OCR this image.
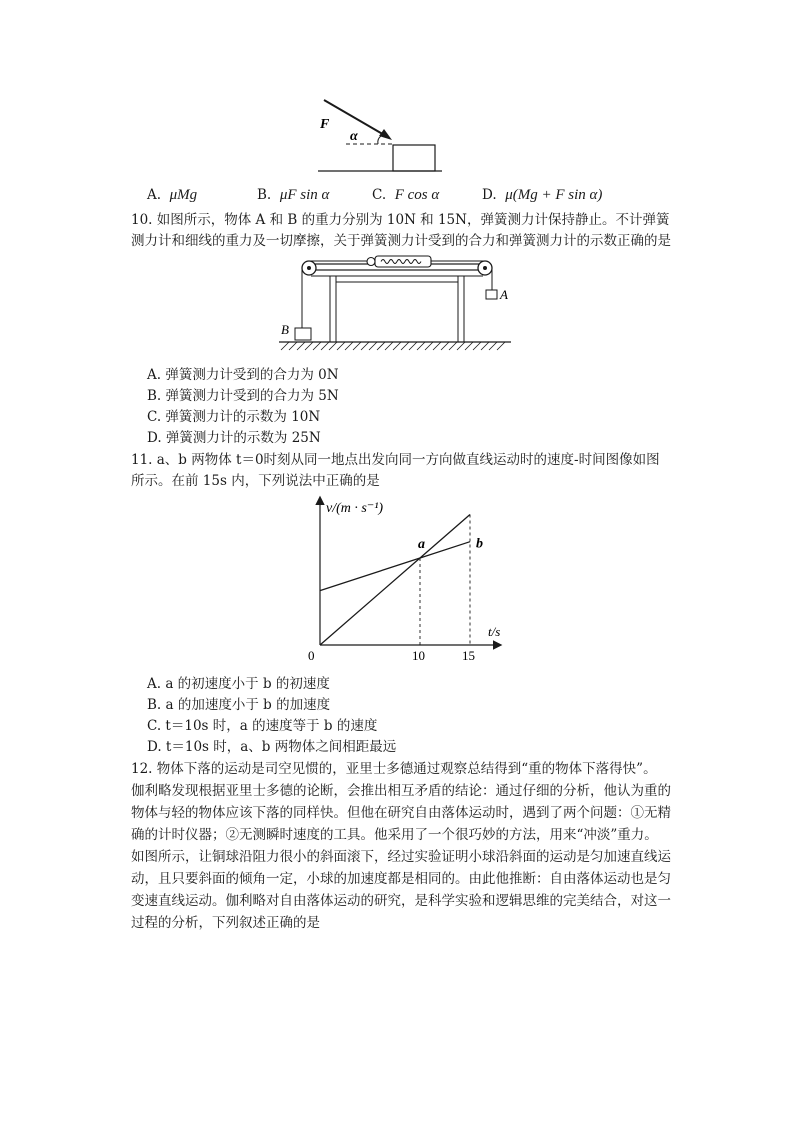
F
α
A. μMg	B. μF sin α	C. F cos α	D. μ(Mg + F sin α)
10. 如图所示，物体 A 和 B 的重力分别为 10N 和 15N，弹簧测力计保持静止。不计弹簧
测力计和细线的重力及一切摩擦，关于弹簧测力计受到的合力和弹簧测力计的示数正确的是
A
B
A. 弹簧测力计受到的合力为 0N
B. 弹簧测力计受到的合力为 5N
C. 弹簧测力计的示数为 10N
D. 弹簧测力计的示数为 25N
11. a、b 两物体 t＝0时刻从同一地点出发向同一方向做直线运动时的速度-时间图像如图
所示。在前 15s 内，下列说法中正确的是
v/(m · s⁻¹)
t/s
0	10	15
a	b
A. a 的初速度小于 b 的初速度
B. a 的加速度小于 b 的加速度
C. t＝10s 时，a 的速度等于 b 的速度
D. t＝10s 时，a、b 两物体之间相距最远
12. 物体下落的运动是司空见惯的，亚里士多德通过观察总结得到“重的物体下落得快”。
伽利略发现根据亚里士多德的论断，会推出相互矛盾的结论：通过仔细的分析，他认为重的
物体与轻的物体应该下落的同样快。但他在研究自由落体运动时，遇到了两个问题：①无精
确的计时仪器；②无测瞬时速度的工具。他采用了一个很巧妙的方法，用来“冲淡”重力。
如图所示，让铜球沿阻力很小的斜面滚下，经过实验证明小球沿斜面的运动是匀加速直线运
动，且只要斜面的倾角一定，小球的加速度都是相同的。由此他推断：自由落体运动也是匀
变速直线运动。伽利略对自由落体运动的研究，是科学实验和逻辑思维的完美结合，对这一
过程的分析，下列叙述正确的是
